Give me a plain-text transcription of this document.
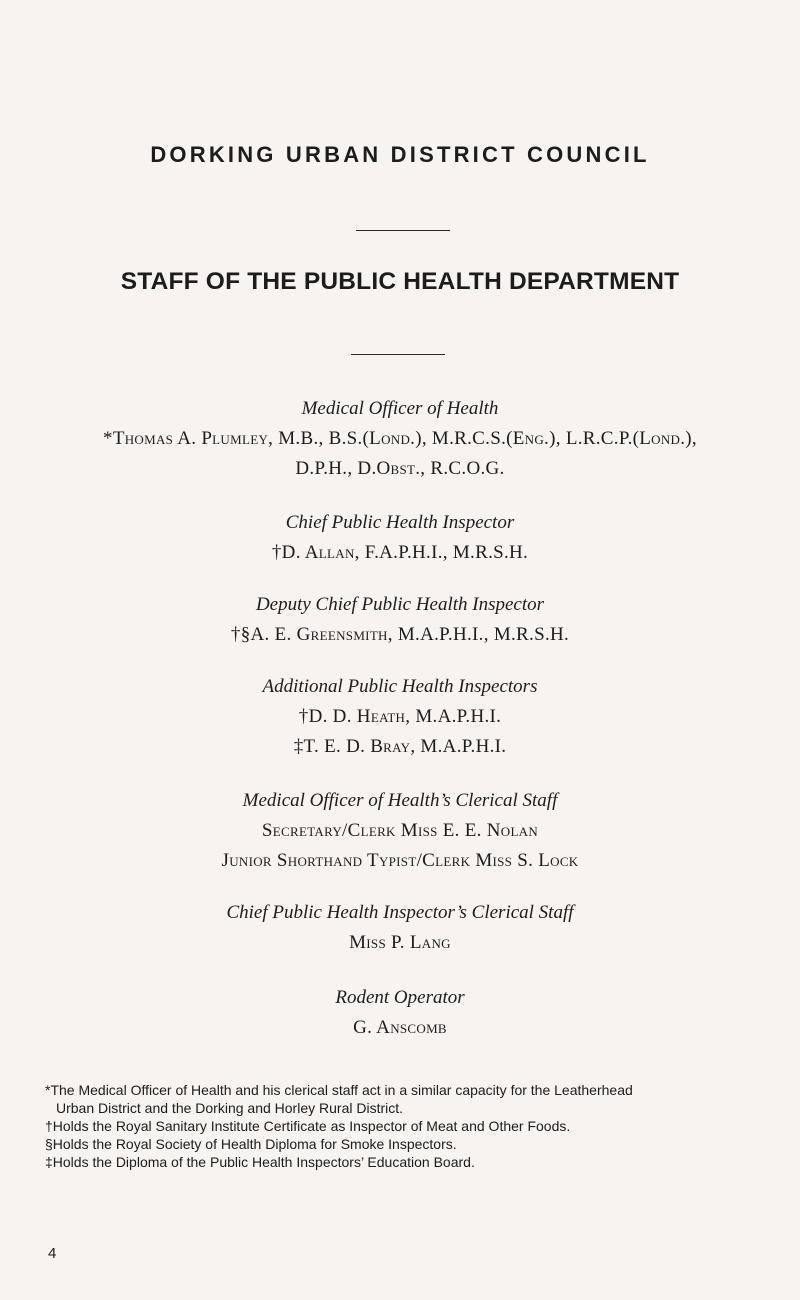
DORKING URBAN DISTRICT COUNCIL
STAFF OF THE PUBLIC HEALTH DEPARTMENT
Medical Officer of Health
*Thomas A. Plumley, M.B., B.S.(Lond.), M.R.C.S.(Eng.), L.R.C.P.(Lond.),
D.P.H., D.Obst., R.C.O.G.
Chief Public Health Inspector
†D. Allan, F.A.P.H.I., M.R.S.H.
Deputy Chief Public Health Inspector
†§A. E. Greensmith, M.A.P.H.I., M.R.S.H.
Additional Public Health Inspectors
†D. D. Heath, M.A.P.H.I.
‡T. E. D. Bray, M.A.P.H.I.
Medical Officer of Health’s Clerical Staff
Secretary/Clerk Miss E. E. Nolan
Junior Shorthand Typist/Clerk Miss S. Lock
Chief Public Health Inspector’s Clerical Staff
Miss P. Lang
Rodent Operator
G. Anscomb

*The Medical Officer of Health and his clerical staff act in a similar capacity for the Leatherhead

Urban District and the Dorking and Horley Rural District.

†Holds the Royal Sanitary Institute Certificate as Inspector of Meat and Other Foods.

§Holds the Royal Society of Health Diploma for Smoke Inspectors.

‡Holds the Diploma of the Public Health Inspectors’ Education Board.

4
